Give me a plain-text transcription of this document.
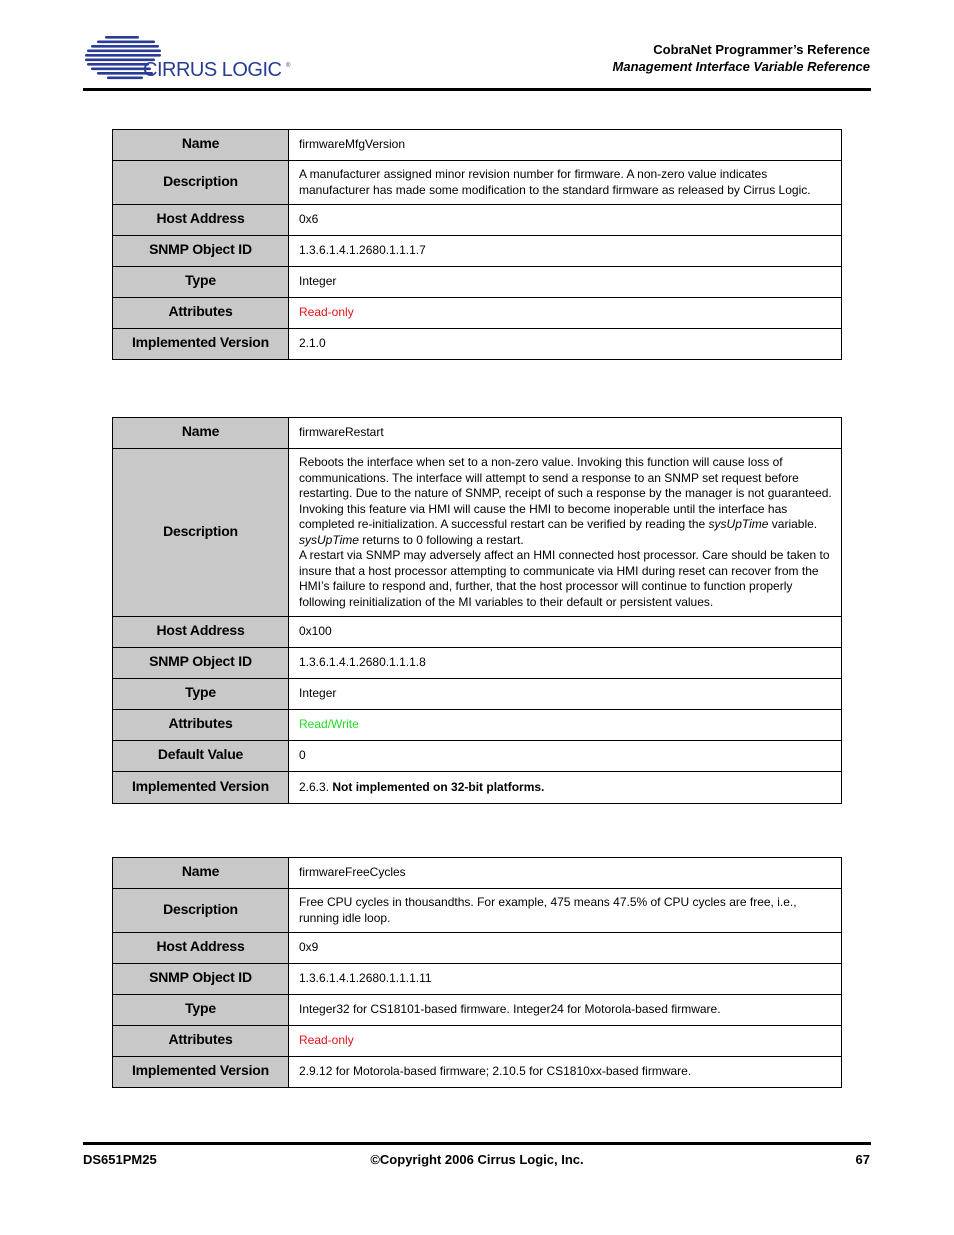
CIRRUS LOGIC ®
CobraNet Programmer’s Reference
Management Interface Variable Reference
Name	firmwareMfgVersion
Description	A manufacturer assigned minor revision number for firmware. A non-zero value indicates manufacturer has made some modification to the standard firmware as released by Cirrus Logic.
Host Address	0x6
SNMP Object ID	1.3.6.1.4.1.2680.1.1.1.7
Type	Integer
Attributes	Read-only
Implemented Version	2.1.0
Name	firmwareRestart
Description	Reboots the interface when set to a non-zero value. Invoking this function will cause loss of communications. The interface will attempt to send a response to an SNMP set request before restarting. Due to the nature of SNMP, receipt of such a response by the manager is not guaranteed. Invoking this feature via HMI will cause the HMI to become inoperable until the interface has completed re-initialization. A successful restart can be verified by reading the sysUpTime variable. sysUpTime returns to 0 following a restart.
A restart via SNMP may adversely affect an HMI connected host processor. Care should be taken to insure that a host processor attempting to communicate via HMI during reset can recover from the HMI’s failure to respond and, further, that the host processor will continue to function properly following reinitialization of the MI variables to their default or persistent values.
Host Address	0x100
SNMP Object ID	1.3.6.1.4.1.2680.1.1.1.8
Type	Integer
Attributes	Read/Write
Default Value	0
Implemented Version	2.6.3. Not implemented on 32-bit platforms.
Name	firmwareFreeCycles
Description	Free CPU cycles in thousandths. For example, 475 means 47.5% of CPU cycles are free, i.e., running idle loop.
Host Address	0x9
SNMP Object ID	1.3.6.1.4.1.2680.1.1.1.11
Type	Integer32 for CS18101-based firmware. Integer24 for Motorola-based firmware.
Attributes	Read-only
Implemented Version	2.9.12 for Motorola-based firmware; 2.10.5 for CS1810xx-based firmware.
DS651PM25	©Copyright 2006 Cirrus Logic, Inc.	67
